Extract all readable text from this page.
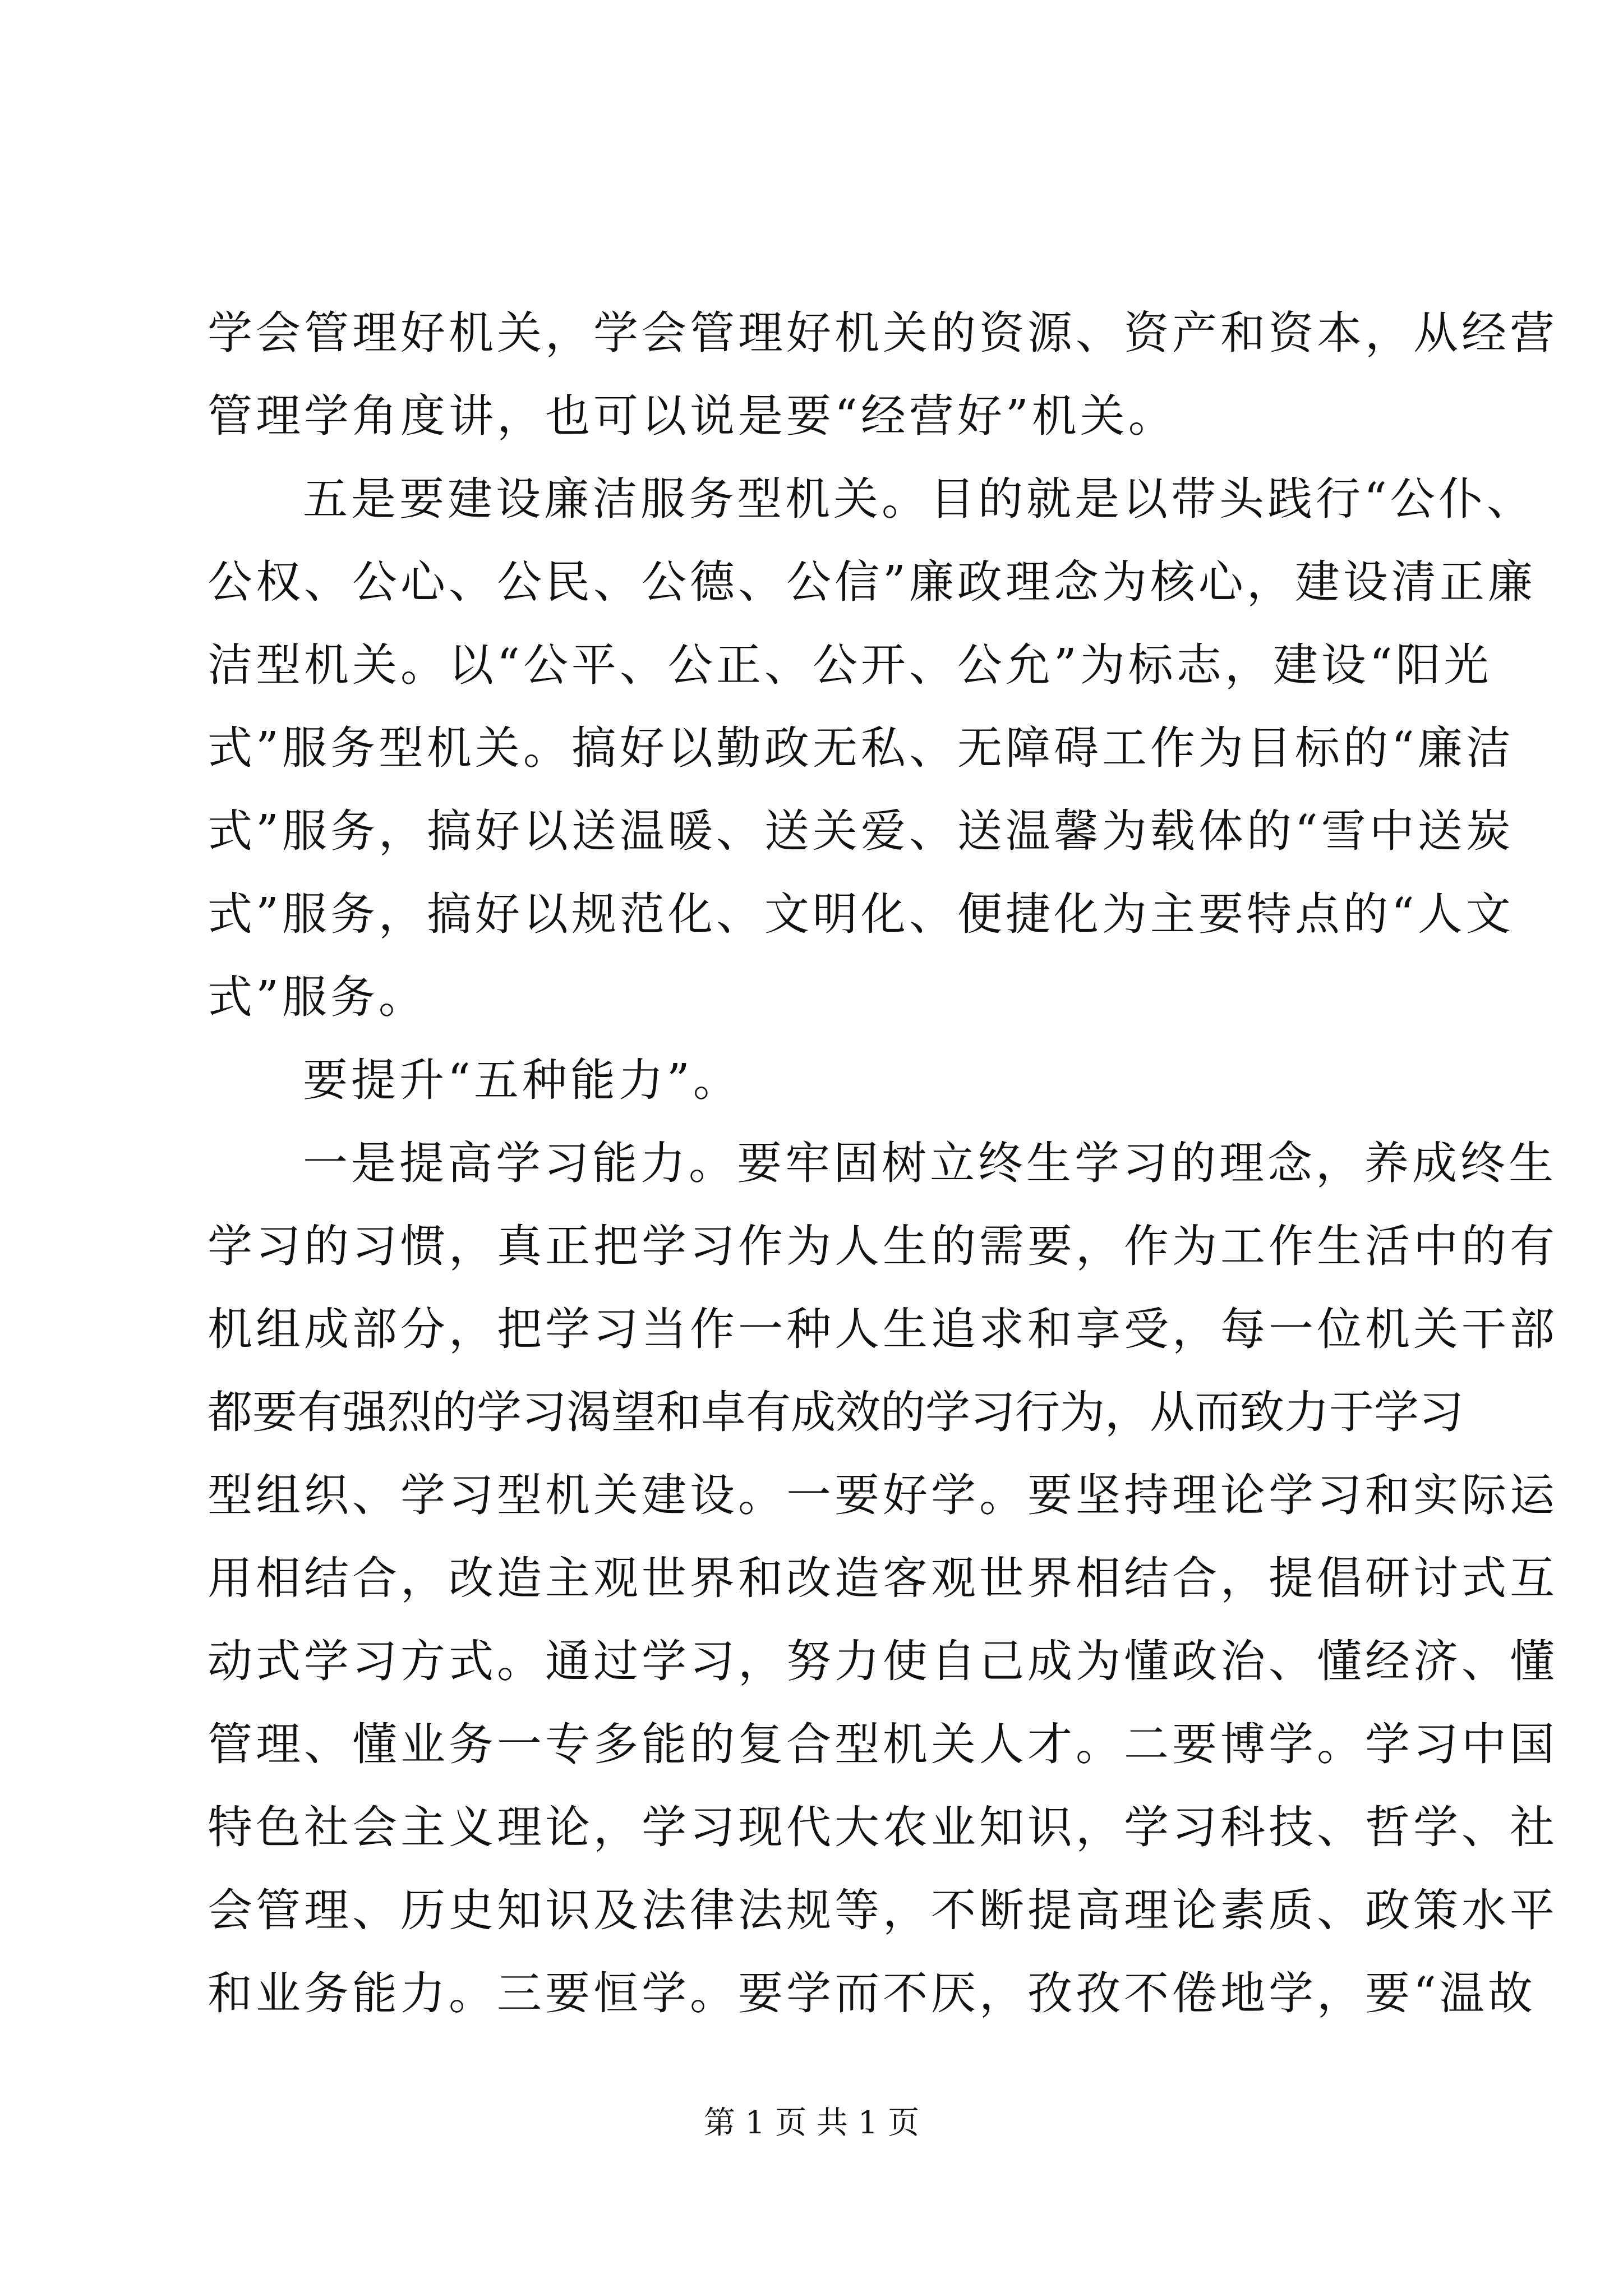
学会管理好机关，学会管理好机关的资源、资产和资本，从经营
管理学角度讲，也可以说是要“经营好”机关。
五是要建设廉洁服务型机关。目的就是以带头践行“公仆、
公权、公心、公民、公德、公信”廉政理念为核心，建设清正廉
洁型机关。以“公平、公正、公开、公允”为标志，建设“阳光
式”服务型机关。搞好以勤政无私、无障碍工作为目标的“廉洁
式”服务，搞好以送温暖、送关爱、送温馨为载体的“雪中送炭
式”服务，搞好以规范化、文明化、便捷化为主要特点的“人文
式”服务。
要提升“五种能力”。
一是提高学习能力。要牢固树立终生学习的理念，养成终生
学习的习惯，真正把学习作为人生的需要，作为工作生活中的有
机组成部分，把学习当作一种人生追求和享受，每一位机关干部
都要有强烈的学习渴望和卓有成效的学习行为，从而致力于学习
型组织、学习型机关建设。一要好学。要坚持理论学习和实际运
用相结合，改造主观世界和改造客观世界相结合，提倡研讨式互
动式学习方式。通过学习，努力使自己成为懂政治、懂经济、懂
管理、懂业务一专多能的复合型机关人才。二要博学。学习中国
特色社会主义理论，学习现代大农业知识，学习科技、哲学、社
会管理、历史知识及法律法规等，不断提高理论素质、政策水平
和业务能力。三要恒学。要学而不厌，孜孜不倦地学，要“温故
第 1 页 共 1 页
